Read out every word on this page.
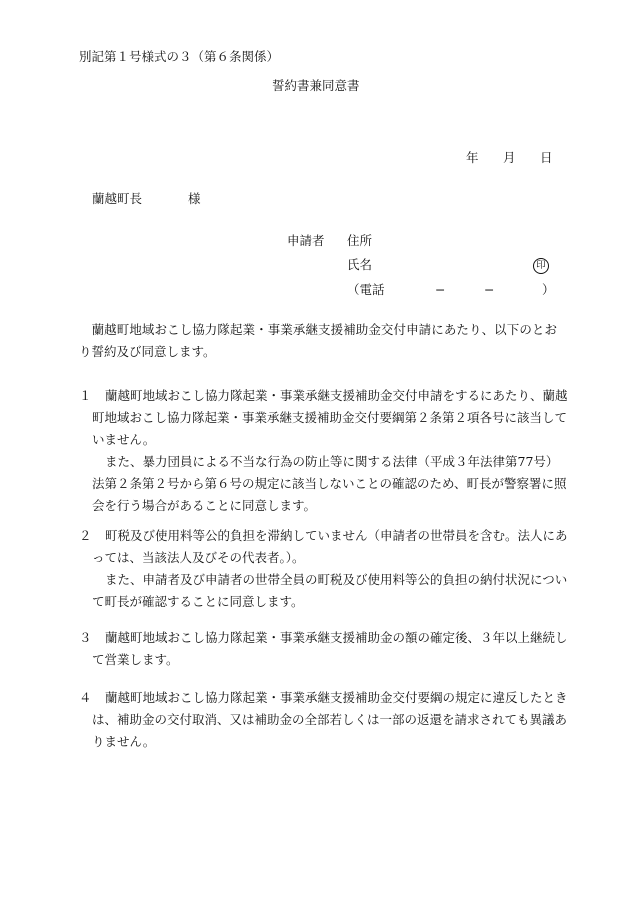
別記第１号様式の３（第６条関係）
誓約書兼同意書
年 月 日
蘭越町長	様
申請者 住所
氏名	印
（電話	−	−	）
　蘭越町地域おこし協力隊起業・事業承継支援補助金交付申請にあたり、以下のとおり誓約及び同意します。
１ 蘭越町地域おこし協力隊起業・事業承継支援補助金交付申請をするにあたり、蘭越
町地域おこし協力隊起業・事業承継支援補助金交付要綱第２条第２項各号に該当して
いません。
また、暴力団員による不当な行為の防止等に関する法律（平成３年法律第77号）
法第２条第２号から第６号の規定に該当しないことの確認のため、町長が警察署に照
会を行う場合があることに同意します。
２ 町税及び使用料等公的負担を滞納していません（申請者の世帯員を含む。法人にあ
っては、当該法人及びその代表者。）。
また、申請者及び申請者の世帯全員の町税及び使用料等公的負担の納付状況につい
て町長が確認することに同意します。
３ 蘭越町地域おこし協力隊起業・事業承継支援補助金の額の確定後、３年以上継続し
て営業します。
４ 蘭越町地域おこし協力隊起業・事業承継支援補助金交付要綱の規定に違反したとき
は、補助金の交付取消、又は補助金の全部若しくは一部の返還を請求されても異議あ
りません。
